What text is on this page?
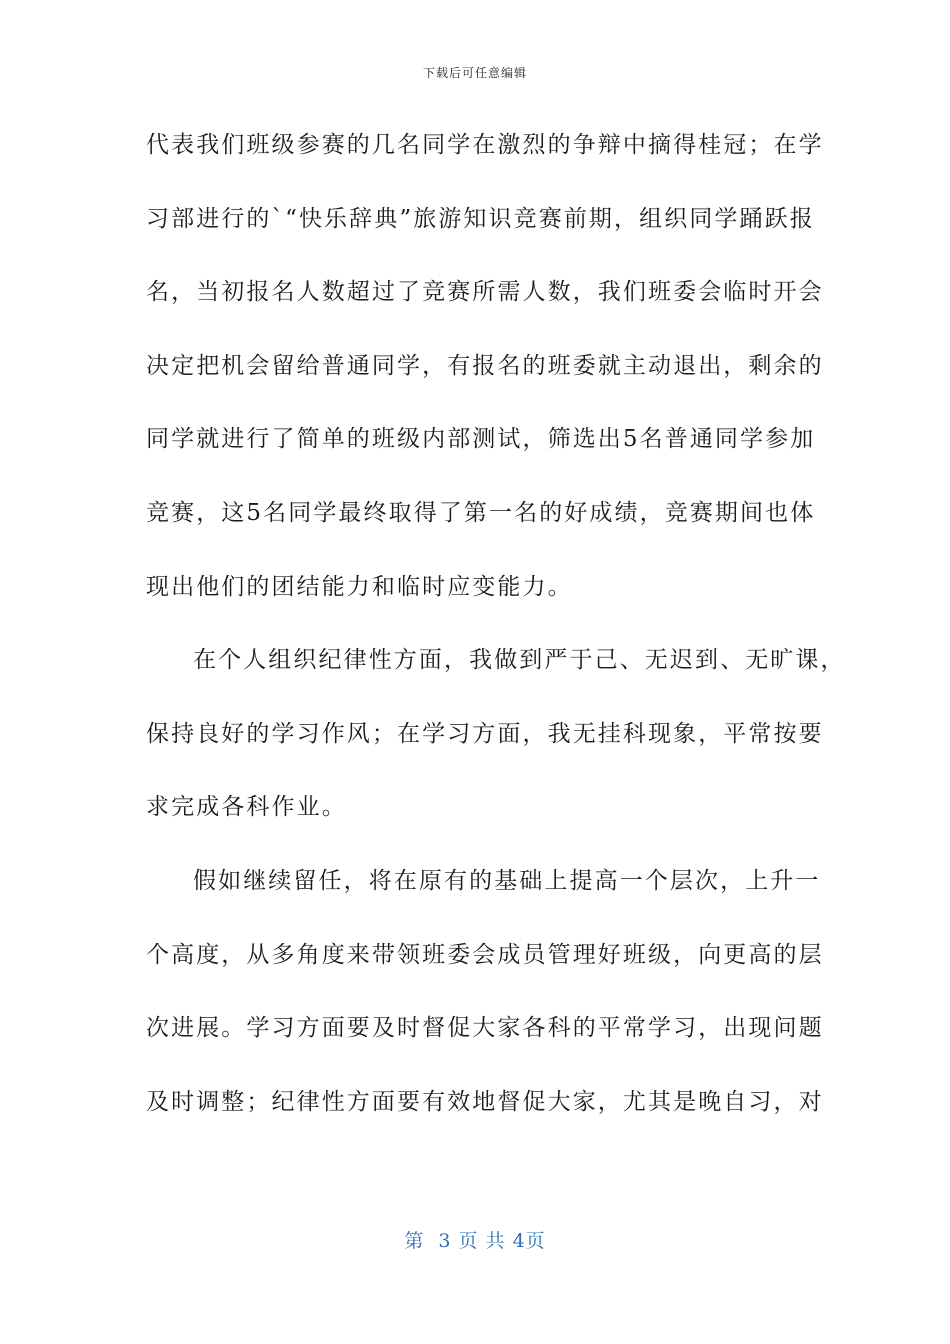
下载后可任意编辑
代表我们班级参赛的几名同学在激烈的争辩中摘得桂冠；在学
习部进行的`“快乐辞典”旅游知识竞赛前期，组织同学踊跃报
名，当初报名人数超过了竞赛所需人数，我们班委会临时开会
决定把机会留给普通同学，有报名的班委就主动退出，剩余的
同学就进行了简单的班级内部测试，筛选出5名普通同学参加
竞赛，这5名同学最终取得了第一名的好成绩，竞赛期间也体
现出他们的团结能力和临时应变能力。
在个人组织纪律性方面，我做到严于己、无迟到、无旷课，
保持良好的学习作风；在学习方面，我无挂科现象，平常按要
求完成各科作业。
假如继续留任，将在原有的基础上提高一个层次，上升一
个高度，从多角度来带领班委会成员管理好班级，向更高的层
次进展。学习方面要及时督促大家各科的平常学习，出现问题
及时调整；纪律性方面要有效地督促大家，尤其是晚自习，对
第  3 页 共 4页
